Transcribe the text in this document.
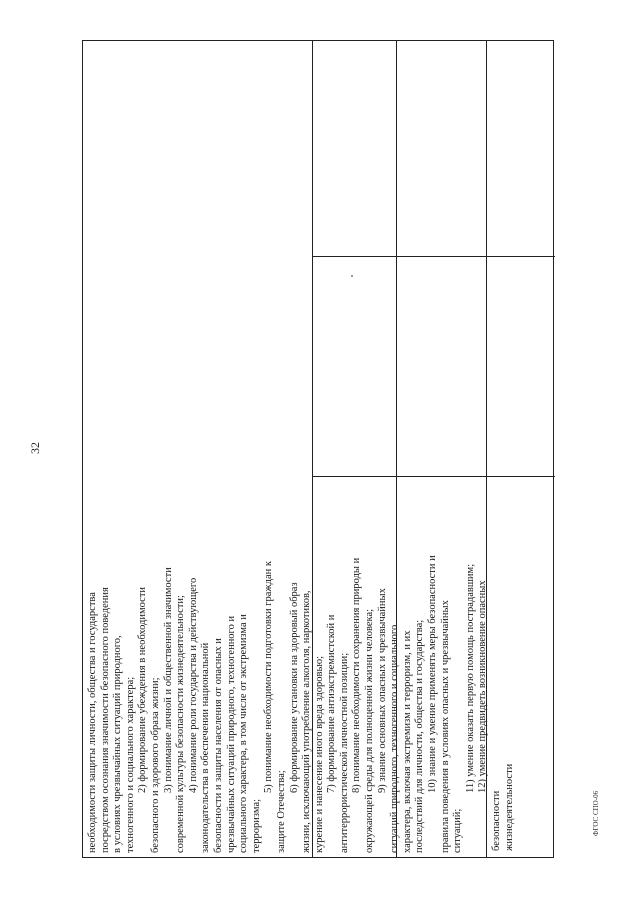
32

необходимости защиты личности, общества и государства посредством осознания значимости безопасного поведения в условиях чрезвычайных ситуаций природного, техногенного и социального характера; 2) формирование убеждения в необходимости безопасного и здорового образа жизни; 3) понимание личной и общественной значимости современной культуры безопасности жизнедеятельности; 4) понимание роли государства и действующего законодательства в обеспечении национальной безопасности и защиты населения от опасных и чрезвычайных ситуаций природного, техногенного и социального характера, в том числе от экстремизма и терроризма;

5) понимание необходимости подготовки граждан к

защите Отечества;

6) формирование установки на здоровый образ жизни, исключающий употребление алкоголя, наркотиков, курение и нанесение иного вреда здоровью; 7) формирование антиэкстремистской и антитеррористической личностной позиции; 8) понимание необходимости сохранения природы и окружающей среды для полноценной жизни человека; 9) знание основных опасных и чрезвычайных ситуаций природного, техногенного и социального характера, включая экстремизм и терроризм, и их последствий для личности, общества и государства; 10) знание и умение применять меры безопасности и правила поведения в условиях опасных и чрезвычайных ситуаций;

11) умение оказать первую помощь пострадавшим; 12) умение предвидеть возникновение опасных

безопасности жизнедеятельности	ФГОС СПО-06
